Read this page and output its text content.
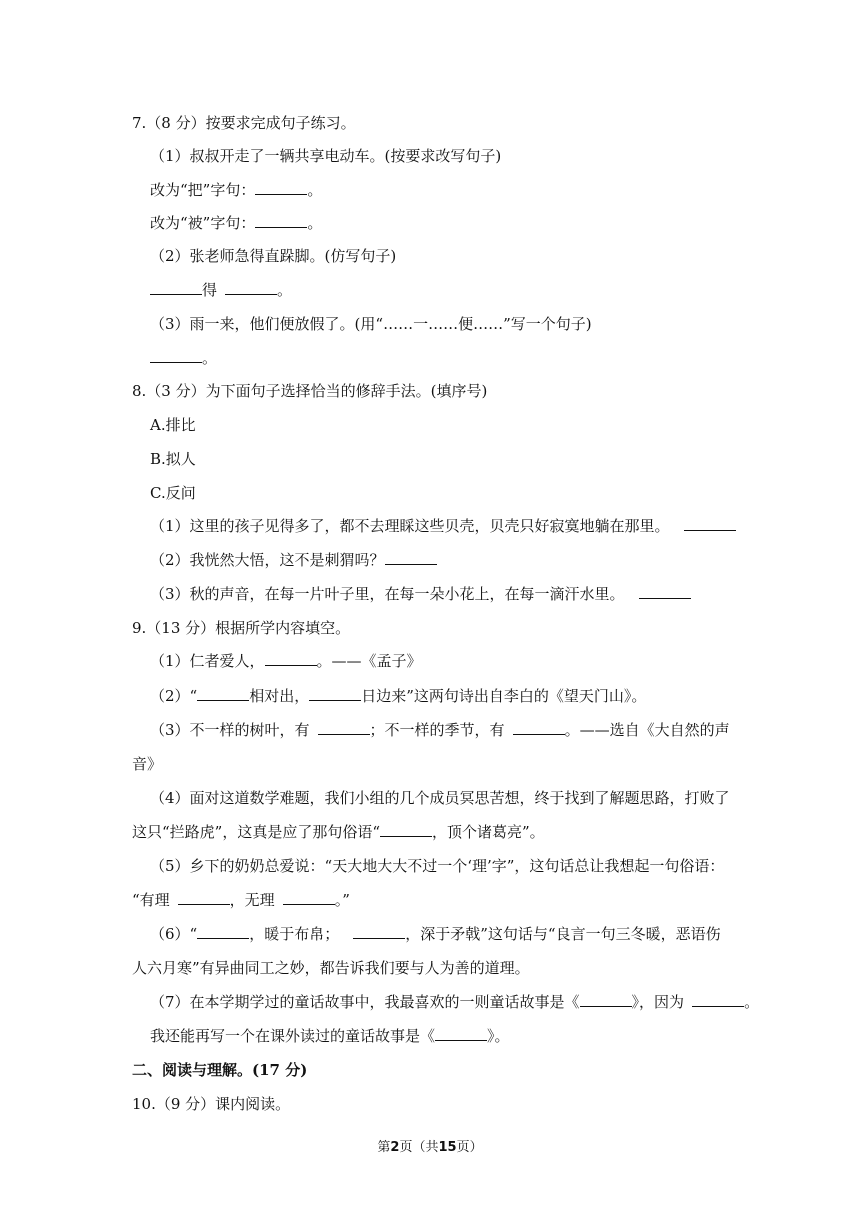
7.（8 分）按要求完成句子练习。
（1）叔叔开走了一辆共享电动车。(按要求改写句子)
改为“把”字句：	。
改为“被”字句：	。
（2）张老师急得直跺脚。(仿写句子)
得	。
（3）雨一来，他们便放假了。(用“……一……便……”写一个句子)
。
8.（3 分）为下面句子选择恰当的修辞手法。(填序号)
A.排比
B.拟人
C.反问
（1）这里的孩子见得多了，都不去理睬这些贝壳，贝壳只好寂寞地躺在那里。
（2）我恍然大悟，这不是刺猬吗？
（3）秋的声音，在每一片叶子里，在每一朵小花上，在每一滴汗水里。
9.（13 分）根据所学内容填空。
（1）仁者爱人，	。——《孟子》
（2）“	相对出，	日边来”这两句诗出自李白的《望天门山》。
（3）不一样的树叶，有	；不一样的季节，有	。——选自《大自然的声
音》
（4）面对这道数学难题，我们小组的几个成员冥思苦想，终于找到了解题思路，打败了
这只“拦路虎”，这真是应了那句俗语“	，顶个诸葛亮”。
（5）乡下的奶奶总爱说：“天大地大大不过一个‘理’字”，这句话总让我想起一句俗语：
“有理	，无理	。”
（6）“	，暖于布帛；	，深于矛戟”这句话与“良言一句三冬暖，恶语伤
人六月寒”有异曲同工之妙，都告诉我们要与人为善的道理。
（7）在本学期学过的童话故事中，我最喜欢的一则童话故事是《	》，因为	。
我还能再写一个在课外读过的童话故事是《	》。
二、阅读与理解。(17 分)
10.（9 分）课内阅读。
第2页（共15页）
